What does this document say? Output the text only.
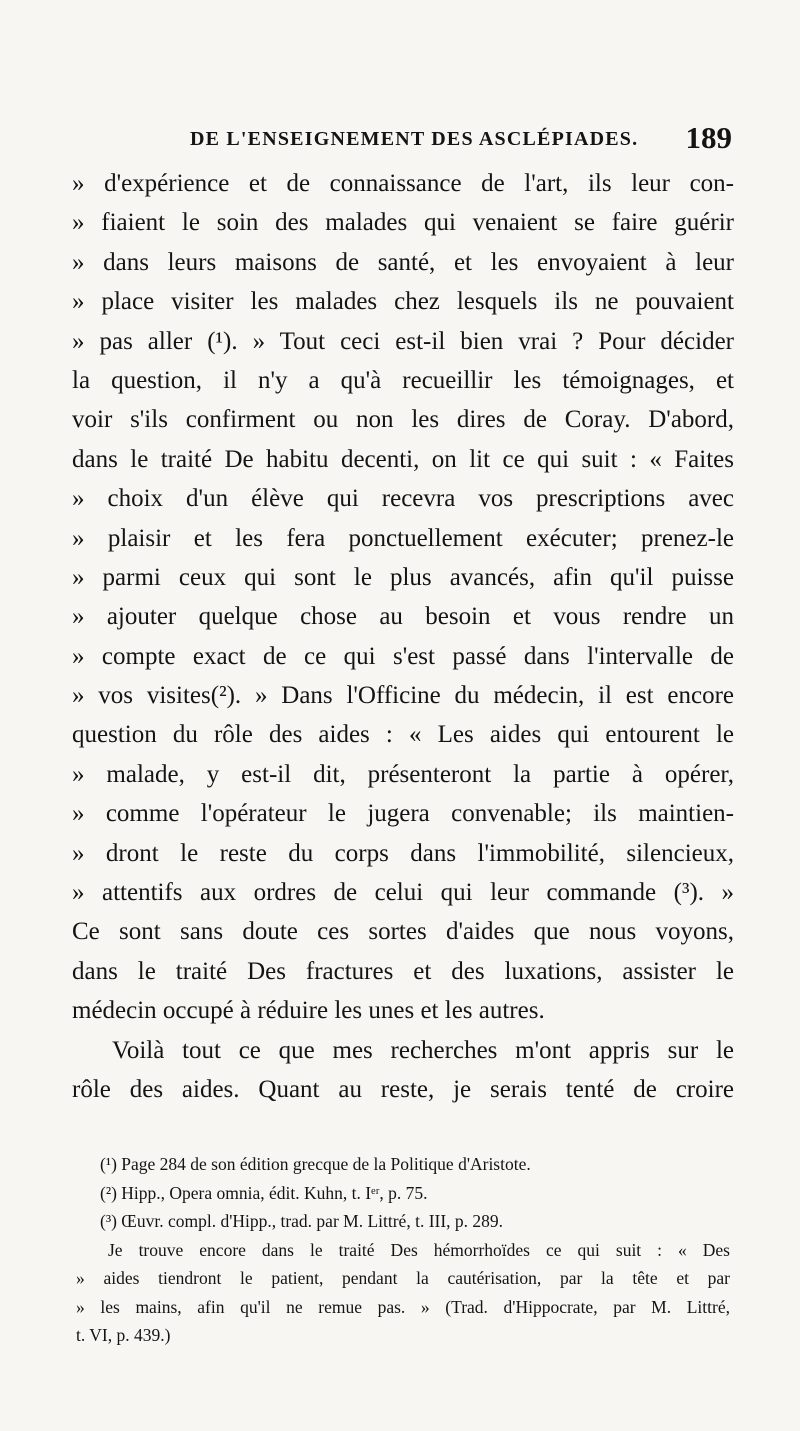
DE L'ENSEIGNEMENT DES ASCLÉPIADES. 189
» d'expérience et de connaissance de l'art, ils leur con-
» fiaient le soin des malades qui venaient se faire guérir
» dans leurs maisons de santé, et les envoyaient à leur
» place visiter les malades chez lesquels ils ne pouvaient
» pas aller (¹). » Tout ceci est-il bien vrai ? Pour décider
la question, il n'y a qu'à recueillir les témoignages, et
voir s'ils confirment ou non les dires de Coray. D'abord,
dans le traité De habitu decenti, on lit ce qui suit : « Faites
» choix d'un élève qui recevra vos prescriptions avec
» plaisir et les fera ponctuellement exécuter; prenez-le
» parmi ceux qui sont le plus avancés, afin qu'il puisse
» ajouter quelque chose au besoin et vous rendre un
» compte exact de ce qui s'est passé dans l'intervalle de
» vos visites(²). » Dans l'Officine du médecin, il est encore
question du rôle des aides : « Les aides qui entourent le
» malade, y est-il dit, présenteront la partie à opérer,
» comme l'opérateur le jugera convenable; ils maintien-
» dront le reste du corps dans l'immobilité, silencieux,
» attentifs aux ordres de celui qui leur commande (³). »
Ce sont sans doute ces sortes d'aides que nous voyons,
dans le traité Des fractures et des luxations, assister le
médecin occupé à réduire les unes et les autres.
Voilà tout ce que mes recherches m'ont appris sur le
rôle des aides. Quant au reste, je serais tenté de croire
(¹) Page 284 de son édition grecque de la Politique d'Aristote.
(²) Hipp., Opera omnia, édit. Kuhn, t. Iᵉʳ, p. 75.
(³) Œuvr. compl. d'Hipp., trad. par M. Littré, t. III, p. 289.
Je trouve encore dans le traité Des hémorrhoïdes ce qui suit : « Des
» aides tiendront le patient, pendant la cautérisation, par la tête et par
» les mains, afin qu'il ne remue pas. » (Trad. d'Hippocrate, par M. Littré,
t. VI, p. 439.)
